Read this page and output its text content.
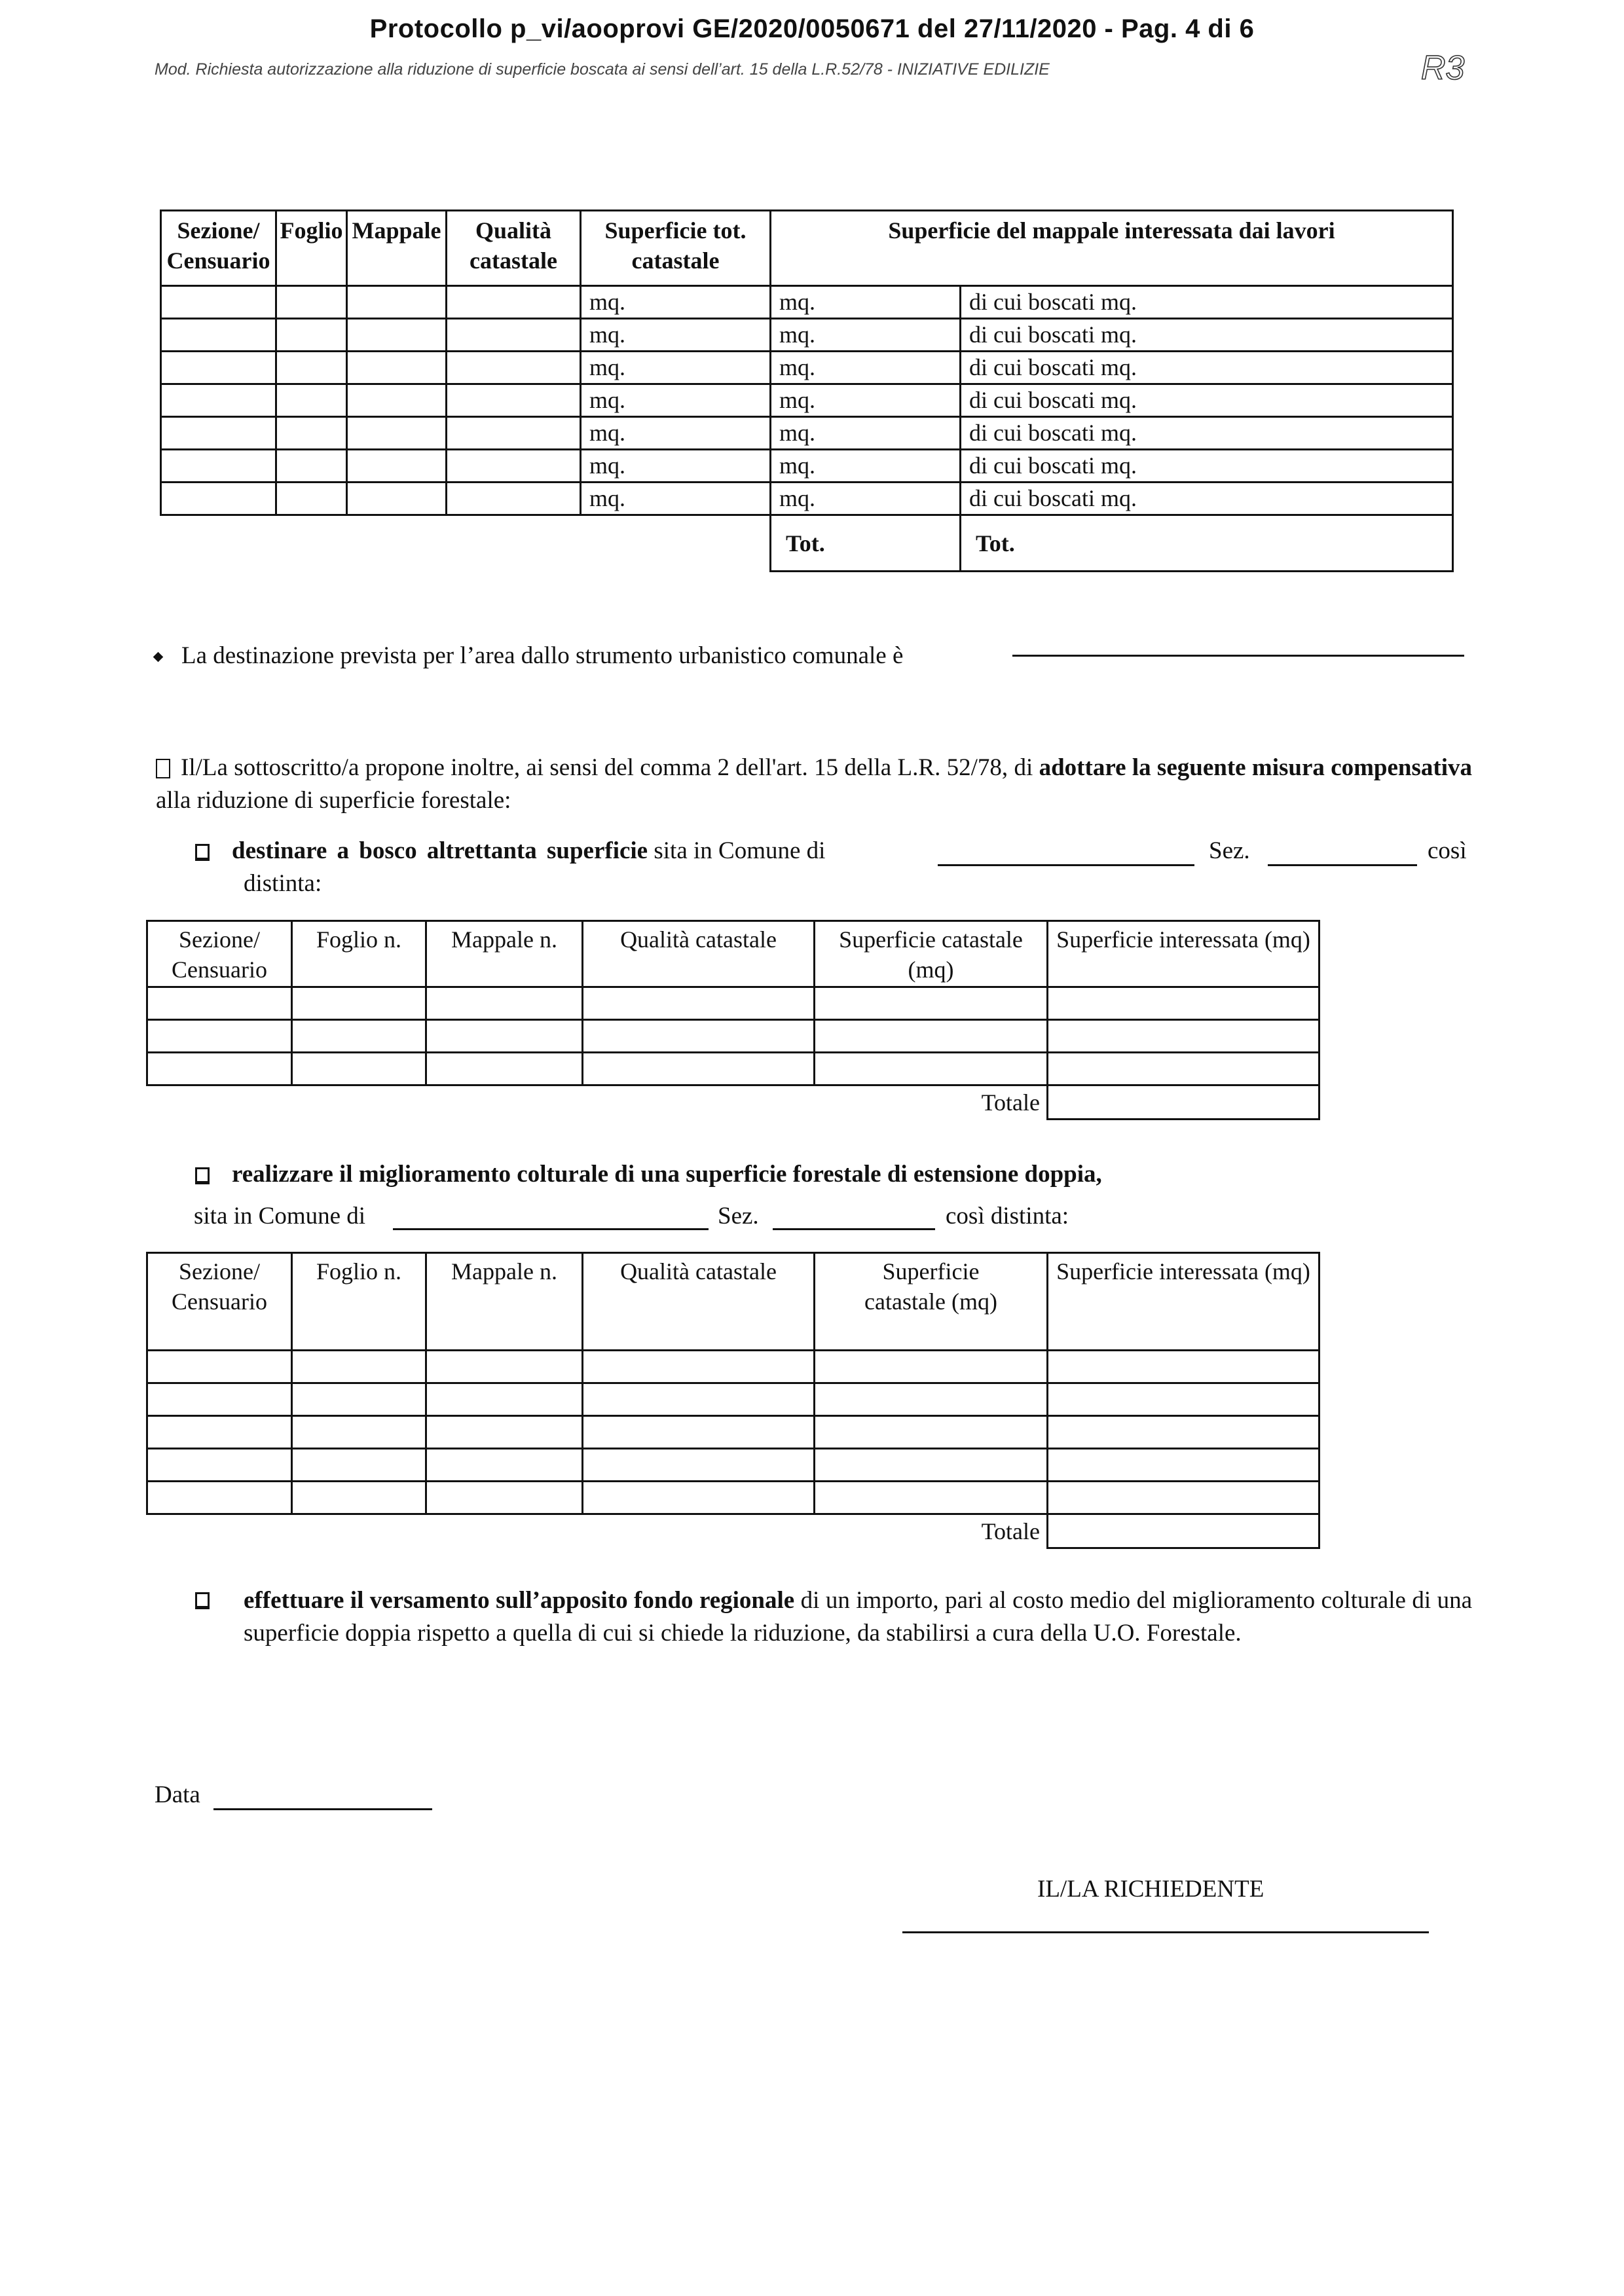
Protocollo p_vi/aooprovi GE/2020/0050671 del 27/11/2020 - Pag. 4 di 6
Mod. Richiesta autorizzazione alla riduzione di superficie boscata ai sensi dell’art. 15 della L.R.52/78 - INIZIATIVE EDILIZIE	R3
Sezione/ Censuario	Foglio	Mappale	Qualità catastale	Superficie tot. catastale	Superficie del mappale interessata dai lavori	
				mq.	mq.	di cui boscati mq.
				mq.	mq.	di cui boscati mq.
				mq.	mq.	di cui boscati mq.
				mq.	mq.	di cui boscati mq.
				mq.	mq.	di cui boscati mq.
				mq.	mq.	di cui boscati mq.
				mq.	mq.	di cui boscati mq.
					Tot.	Tot.
La destinazione prevista per l’area dallo strumento urbanistico comunale è
Il/La sottoscritto/a propone inoltre, ai sensi del comma 2 dell'art. 15 della L.R. 52/78, di adottare la seguente misura compensativa alla riduzione di superficie forestale:
destinare a bosco altrettanta superficie sita in Comune di	Sez.	così
distinta:
Sezione/ Censuario	Foglio n.	Mappale n.	Qualità catastale	Superficie catastale (mq)	Superficie interessata (mq)

Totale					
realizzare il miglioramento colturale di una superficie forestale di estensione doppia,
sita in Comune di	Sez.	così distinta:
Sezione/ Censuario	Foglio n.	Mappale n.	Qualità catastale	Superficie catastale (mq)	Superficie interessata (mq)

Totale					
effettuare il versamento sull’apposito fondo regionale di un importo, pari al costo medio del miglioramento colturale di una superficie doppia rispetto a quella di cui si chiede la riduzione, da stabilirsi a cura della U.O. Forestale.
Data
IL/LA RICHIEDENTE
